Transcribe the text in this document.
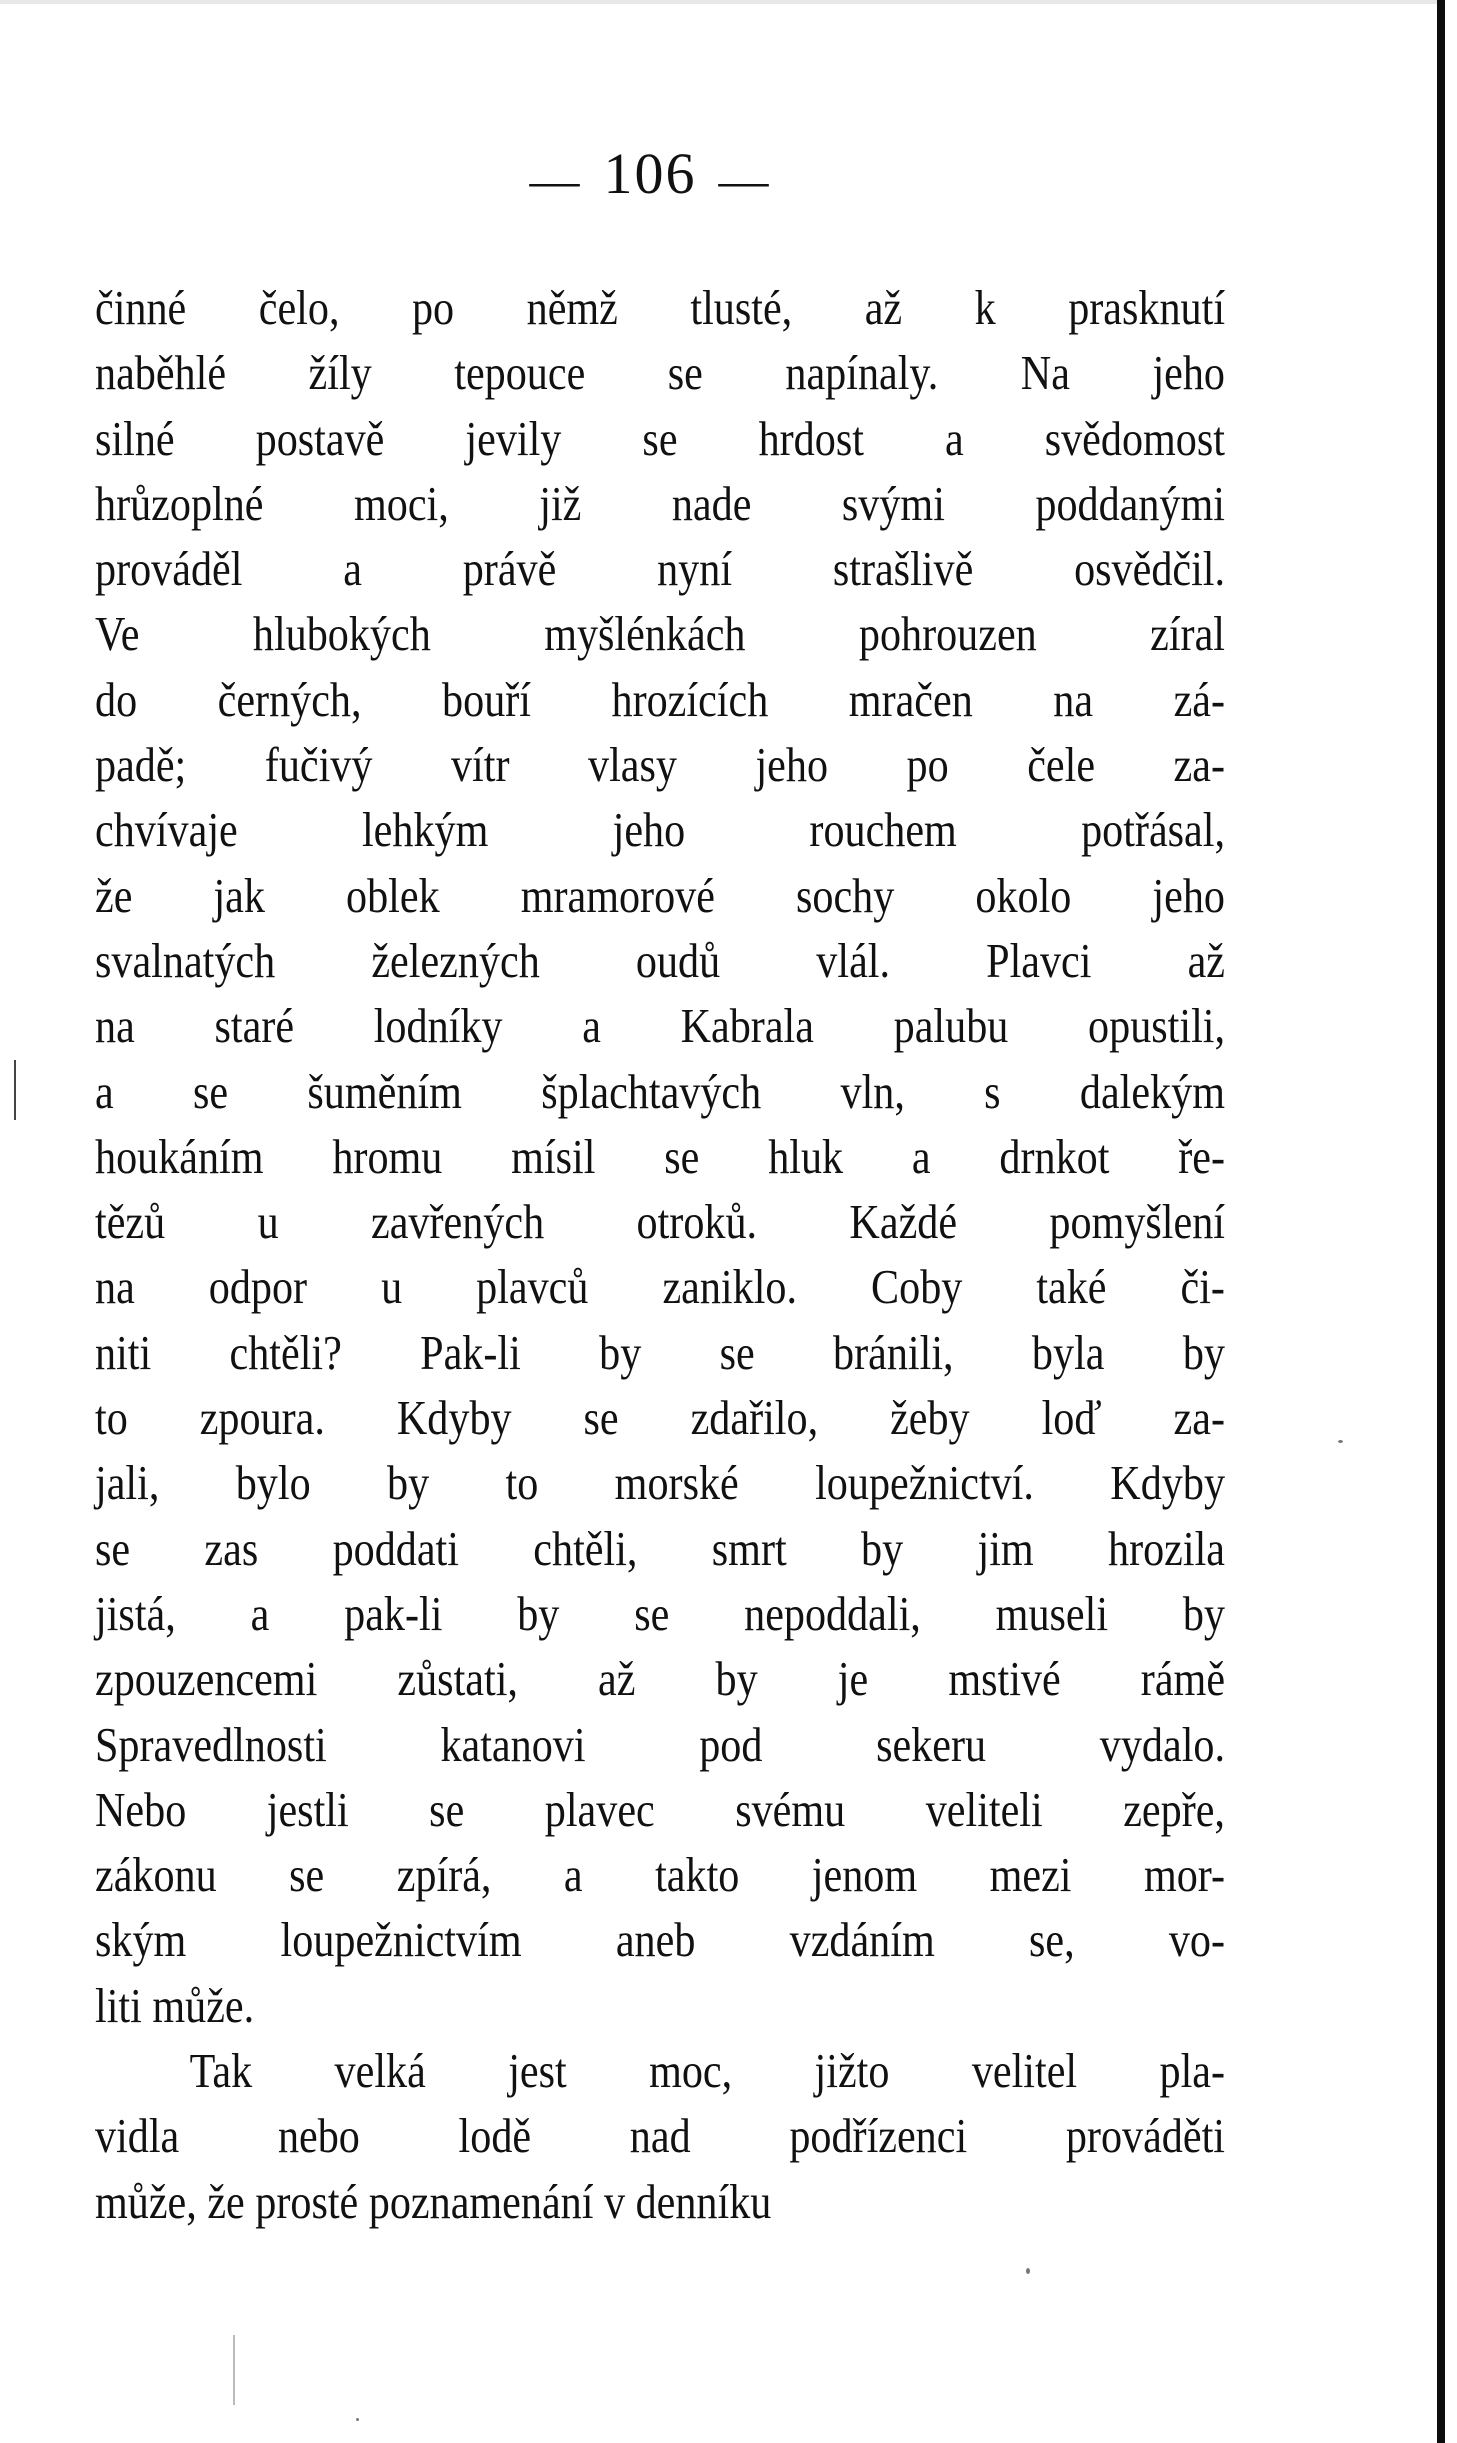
— 106 —
činné čelo, po němž tlusté, až k prasknutí
naběhlé žíly tepouce se napínaly. Na jeho
silné postavě jevily se hrdost a svědomost
hrůzoplné moci, již nade svými poddanými
prováděl a právě nyní strašlivě osvědčil.
Ve hlubokých myšlénkách pohrouzen zíral
do černých, bouří hrozících mračen na zá-
padě; fučivý vítr vlasy jeho po čele za-
chvívaje	lehkým	jeho	rouchem	potřásal,
že jak oblek mramorové sochy okolo jeho
svalnatých železných oudů vlál. Plavci až
na staré lodníky a Kabrala palubu opustili,
a se šuměním šplachtavých vln, s dalekým
houkáním hromu mísil se hluk a drnkot ře-
tězů u zavřených otroků. Každé pomyšlení
na odpor u plavců zaniklo. Coby také či-
niti chtěli? Pak-li by se bránili, byla by
to zpoura. Kdyby se zdařilo, žeby loď za-
jali, bylo by to morské loupežnictví. Kdyby
se zas poddati chtěli, smrt by jim hrozila
jistá, a pak-li by se nepoddali, museli by
zpouzencemi zůstati, až by je mstivé rámě
Spravedlnosti katanovi pod sekeru vydalo.
Nebo jestli se plavec svému veliteli zepře,
zákonu se zpírá, a takto jenom mezi mor-
ským loupežnictvím aneb vzdáním se, vo-
liti může.
Tak velká jest moc, jižto velitel pla-
vidla nebo lodě nad podřízenci prováděti
může, že prosté poznamenání v denníku
